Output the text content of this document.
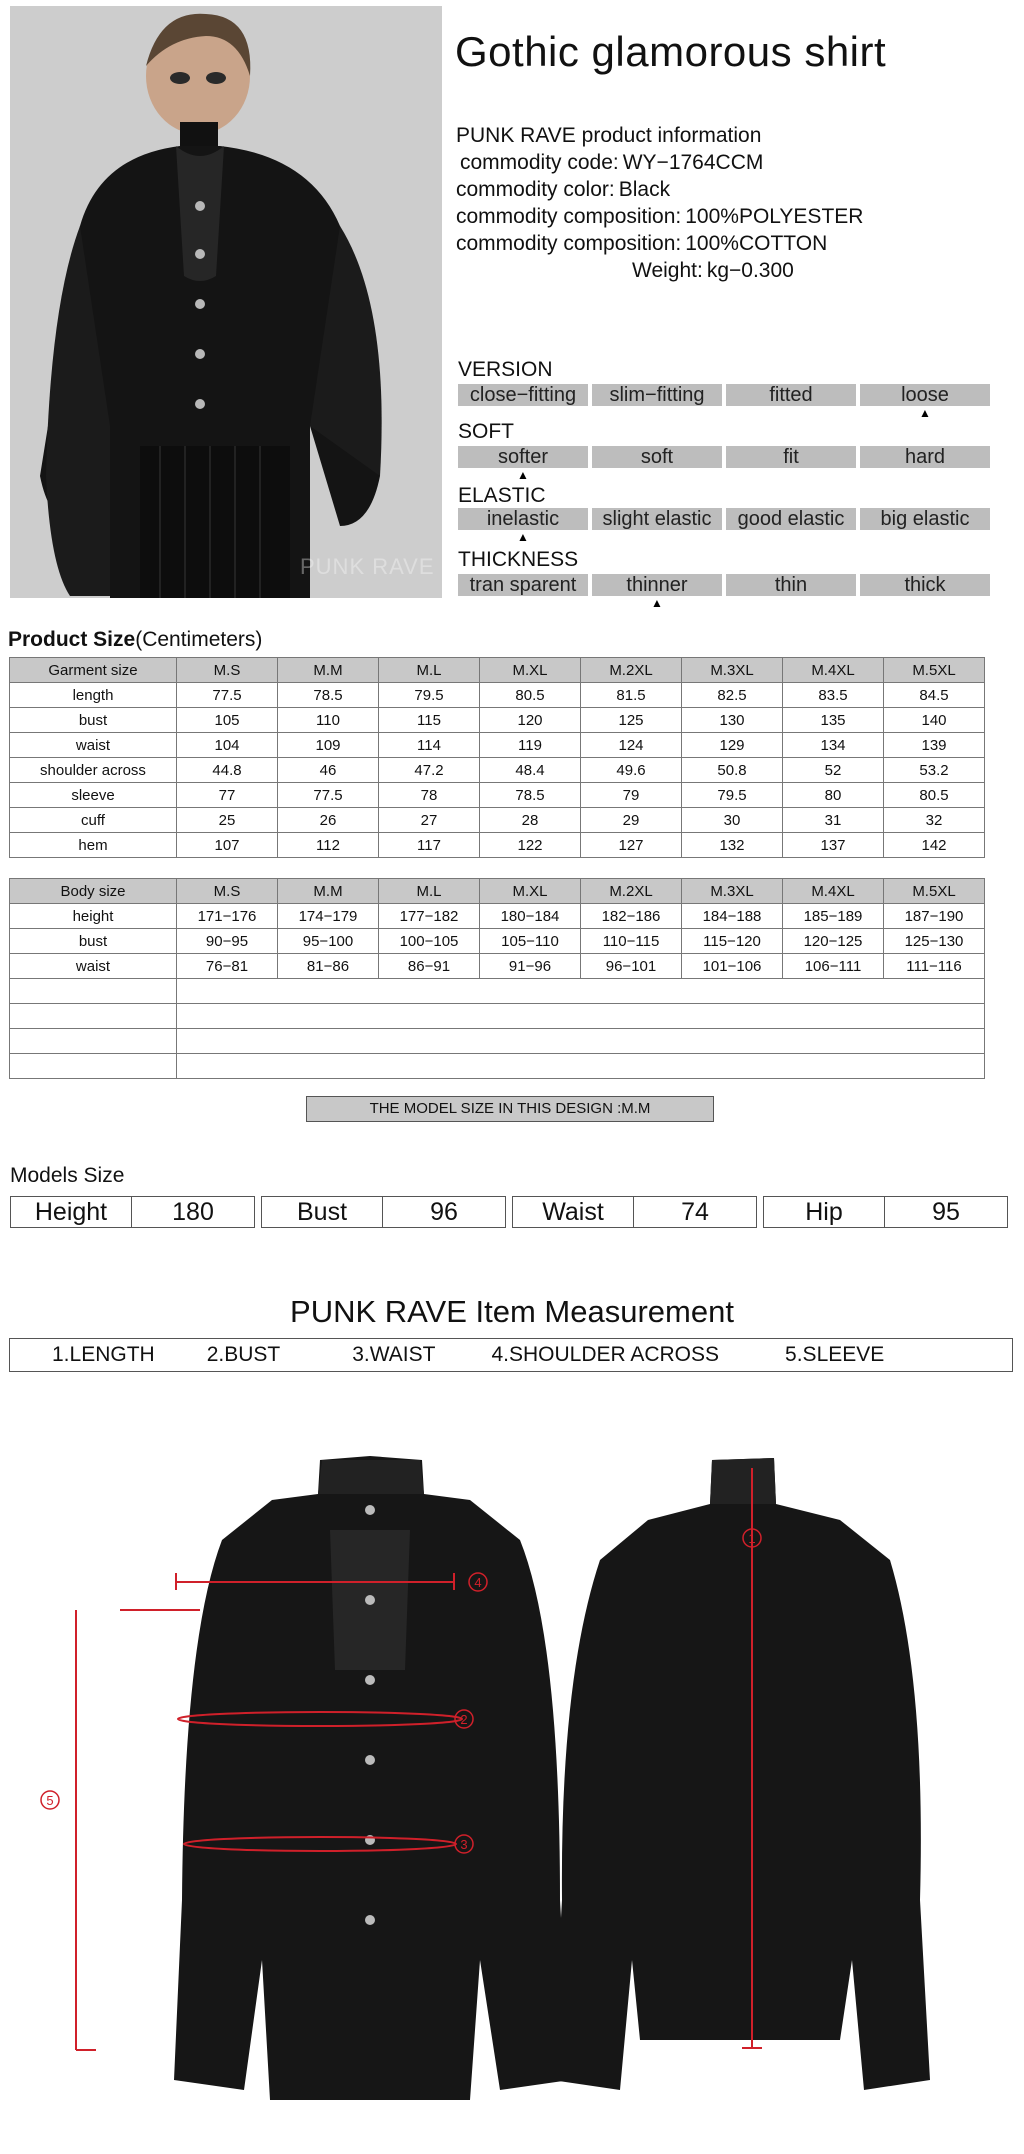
PUNK RAVE
Gothic glamorous shirt
PUNK RAVE product information
commodity code: WY−1764CCM
commodity color: Black
commodity composition: 100%POLYESTER
commodity composition: 100%COTTON
Weight: kg−0.300
VERSION
close−fitting	slim−fitting	fitted	loose
▲
SOFT
softer
▲
soft	fit	hard
ELASTIC
inelastic
▲
slight elastic	good elastic	big elastic
THICKNESS
tran sparent	thinner
▲
thin	thick
Product Size(Centimeters)
Garment size	M.S	M.M	M.L	M.XL	M.2XL	M.3XL	M.4XL	M.5XL
length	77.5	78.5	79.5	80.5	81.5	82.5	83.5	84.5
bust	105	110	115	120	125	130	135	140
waist	104	109	114	119	124	129	134	139
shoulder across	44.8	46	47.2	48.4	49.6	50.8	52	53.2
sleeve	77	77.5	78	78.5	79	79.5	80	80.5
cuff	25	26	27	28	29	30	31	32
hem	107	112	117	122	127	132	137	142
Body size	M.S	M.M	M.L	M.XL	M.2XL	M.3XL	M.4XL	M.5XL
height	171−176	174−179	177−182	180−184	182−186	184−188	185−189	187−190
bust	90−95	95−100	100−105	105−110	110−115	115−120	120−125	125−130
waist	76−81	81−86	86−91	91−96	96−101	101−106	106−111	111−116

THE MODEL SIZE IN THIS DESIGN :M.M
Models Size
Height	180	Bust	96	Waist	74	Hip	95
PUNK RAVE Item Measurement
1.LENGTH 2.BUST	3.WAIST	4.SHOULDER ACROSS	5.SLEEVE
1
2
3
4
5
